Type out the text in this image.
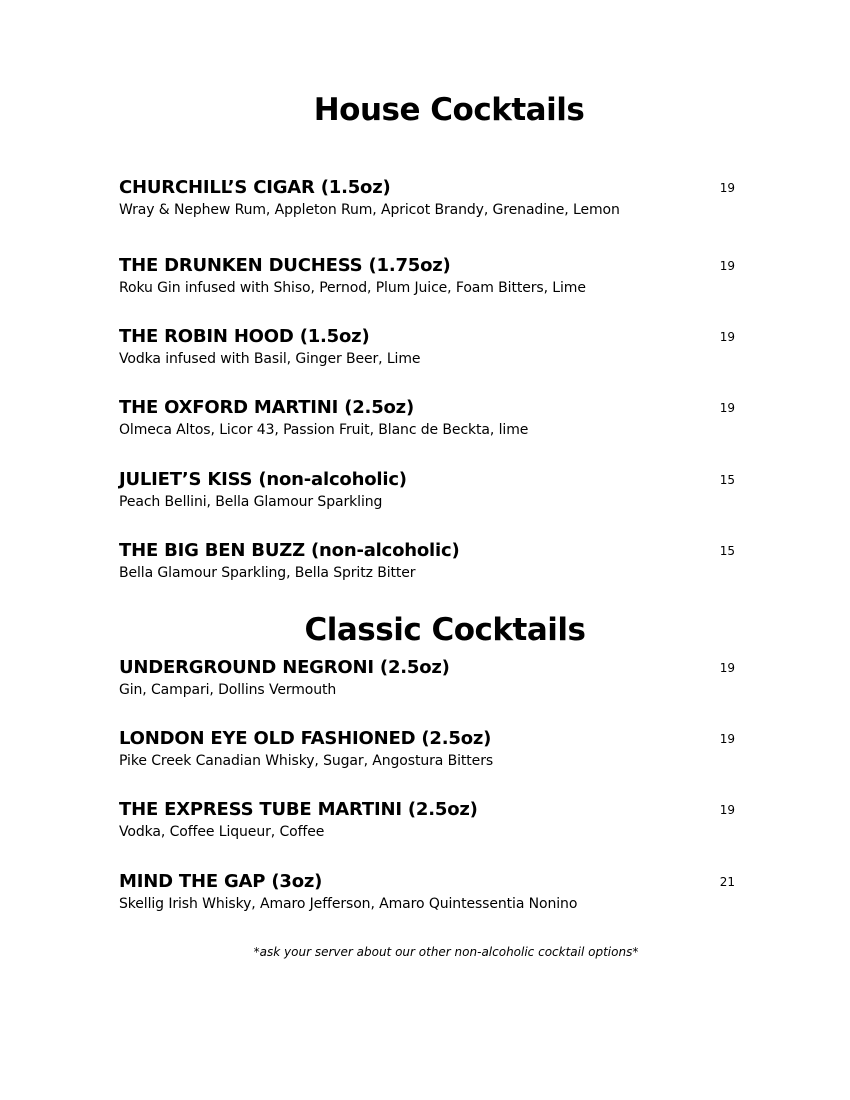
House Cocktails
CHURCHILL’S CIGAR (1.5oz)	19
Wray & Nephew Rum, Appleton Rum, Apricot Brandy, Grenadine, Lemon
THE DRUNKEN DUCHESS (1.75oz)	19
Roku Gin infused with Shiso, Pernod, Plum Juice, Foam Bitters, Lime
THE ROBIN HOOD (1.5oz)	19
Vodka infused with Basil, Ginger Beer, Lime
THE OXFORD MARTINI (2.5oz)	19
Olmeca Altos, Licor 43, Passion Fruit, Blanc de Beckta, lime
JULIET’S KISS (non-alcoholic)	15
Peach Bellini, Bella Glamour Sparkling
THE BIG BEN BUZZ (non-alcoholic)	15
Bella Glamour Sparkling, Bella Spritz Bitter
Classic Cocktails
UNDERGROUND NEGRONI (2.5oz)	19
Gin, Campari, Dollins Vermouth
LONDON EYE OLD FASHIONED (2.5oz)	19
Pike Creek Canadian Whisky, Sugar, Angostura Bitters
THE EXPRESS TUBE MARTINI (2.5oz)	19
Vodka, Coffee Liqueur, Coffee
MIND THE GAP (3oz)	21
Skellig Irish Whisky, Amaro Jefferson, Amaro Quintessentia Nonino
*ask your server about our other non-alcoholic cocktail options*
